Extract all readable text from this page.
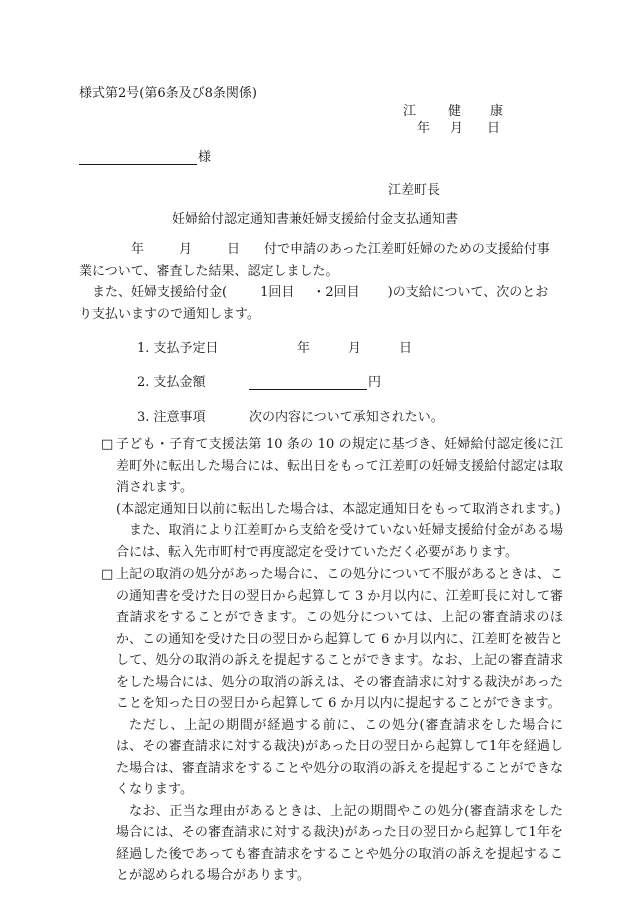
様式第2号(第6条及び8条関係)
江 健 康
年 月 日
様
江差町長
妊婦給付認定通知書兼妊婦支援給付金支払通知書

年	月	日 付で申請のあった江差町妊婦のための支援給付事業について、審査した結果、認定しました。

また、妊婦支援給付金(	1回目 ・2回目 )の支給について、次のとおり支払いますので通知します。

1. 支払予定日	年	月	日
2. 支払金額	円
3. 注意事項	次の内容について承知されたい。
□ 子ども・子育て支援法第 10 条の 10 の規定に基づき、妊婦給付認定後に江差町外に転出した場合には、転出日をもって江差町の妊婦支援給付認定は取消されます。

(本認定通知日以前に転出した場合は、本認定通知日をもって取消されます。)

また、取消により江差町から支給を受けていない妊婦支援給付金がある場合には、転入先市町村で再度認定を受けていただく必要があります。

□ 上記の取消の処分があった場合に、この処分について不服があるときは、この通知書を受けた日の翌日から起算して 3 か月以内に、江差町長に対して審査請求をすることができます。この処分については、上記の審査請求のほか、この通知を受けた日の翌日から起算して 6 か月以内に、江差町を被告として、処分の取消の訴えを提起することができます。なお、上記の審査請求をした場合には、処分の取消の訴えは、その審査請求に対する裁決があったことを知った日の翌日から起算して 6 か月以内に提起することができます。

ただし、上記の期間が経過する前に、この処分(審査請求をした場合には、その審査請求に対する裁決)があった日の翌日から起算して1年を経過した場合は、審査請求をすることや処分の取消の訴えを提起することができなくなります。

なお、正当な理由があるときは、上記の期間やこの処分(審査請求をした場合には、その審査請求に対する裁決)があった日の翌日から起算して1年を経過した後であっても審査請求をすることや処分の取消の訴えを提起することが認められる場合があります。
